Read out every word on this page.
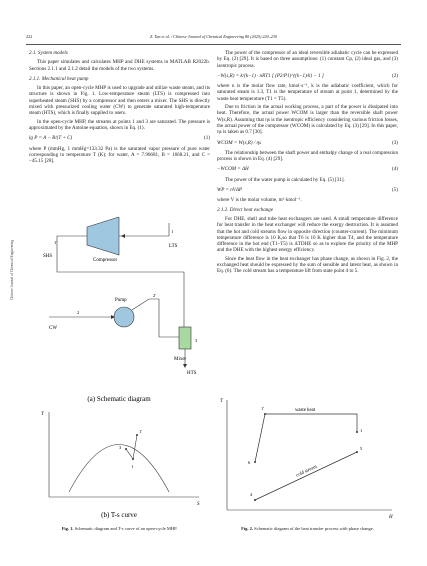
222	Z. Tan et al. / Chinese Journal of Chemical Engineering 80 (2025) 220–230
Chinese Journal of Chemical Engineering
2.1. System models

This paper simulates and calculates MHP and DHE systems in MATLAB R2022b. Sections 2.1.1 and 2.1.2 detail the models of the two systems.

2.1.1. Mechanical heat pump

In this paper, an open-cycle MHP is used to upgrade and utilize waste steam, and its structure is shown in Fig. 1. Low-temperature steam (LTS) is compressed into superheated steam (SHS) by a compressor and then enters a mixer. The SHS is directly mixed with pressurized cooling water (CW) to generate saturated high-temperature steam (HTS), which is finally supplied to users.

In the open-cycle MHP, the streams at points 1 and 3 are saturated. The pressure is approximated by the Antoine equation, shown in Eq. (1).

lg P = A − B/(T + C)	(1)

where P (mmHg, 1 mmHg=133.32 Pa) is the saturated vapor pressure of pure water corresponding to temperature T (K); for water, A = 7.96681, B = 1668.21, and C = −45.15 [28].

LTS
SHS
Compressor
Pump
CW
Mixer
HTS
1'
1
2
2'
3
(a) Schematic diagram
T
S
1
1'
3
(b) T-s curve
Fig. 1. Schematic diagram and T-s curve of an open-cycle MHP.

The power of the compressor of an ideal reversible adiabatic cycle can be expressed by Eq. (2) [29]. It is based on three assumptions: (1) constant Cp, (2) ideal gas, and (3) isentropic process.

−W(s,R) = k/(k−1) · nRT1 [ (P2/P1)^((k−1)/k) − 1 ]	(2)

where n is the molar flow rate, kmol·s⁻¹, k is the adiabatic coefficient, which for saturated steam is 1.3, T1 is the temperature of stream at point 1, determined by the waste heat temperature (T1 = T5).

Due to friction in the actual working process, a part of the power is dissipated into heat. Therefore, the actual power WCOM is larger than the reversible shaft power W(s,R). Assuming that ηs is the isentropic efficiency considering various friction losses, the actual power of the compressor (WCOM) is calculated by Eq. (3) [29]. In this paper, ηs is taken as 0.7 [30].

WCOM = W(s,R) / ηs	(3)

The relationship between the shaft power and enthalpy change of a real compression process is shown in Eq. (4) [29].

−WCOM = ΔH	(4)

The power of the water pump is calculated by Eq. (5) [31].

WP = nVΔP	(5)

where V is the molar volume, m³·kmol⁻¹.

2.1.2. Direct heat exchange

For DHE, shell and tube heat exchangers are used. A small temperature difference for heat transfer in the heat exchanger will reduce the exergy destruction. It is assumed that the hot and cold streams flow in opposite direction (counter-current). The minimum temperature difference is 10 K,so that T6 is 10 K higher than T4, and the temperature difference in the hot end (T1–T5) is ΔTDHE so as to explore the priority of the MHP and the DHE with the highest energy efficiency.

Since the heat flow in the heat exchanger has phase change, as shown in Fig. 2, the exchanged heat should be expressed by the sum of sensible and latent heat, as shown in Eq. (6). The cold stream has a temperature lift from state point 4 to 5.

T
H
waste heat
cold stream
1'
1
4
5
6
Fig. 2. Schematic diagram of the heat transfer process with phase change.
